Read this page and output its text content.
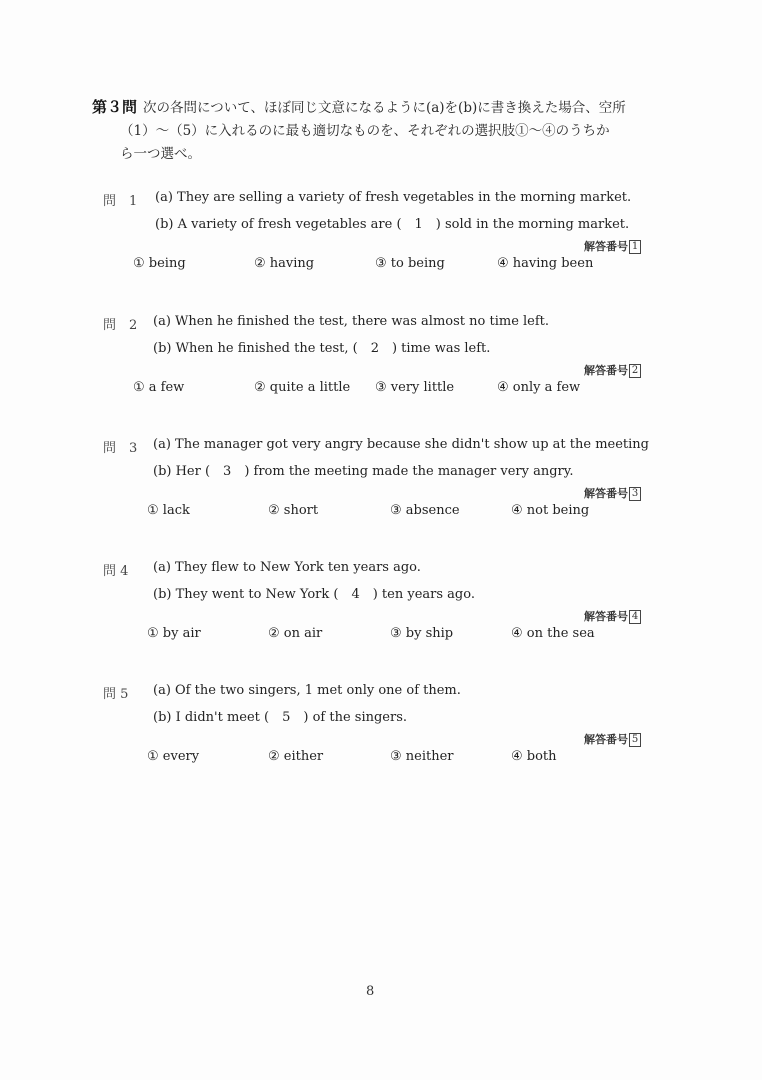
第３問 次の各問について、ほぼ同じ文意になるように(a)を(b)に書き換えた場合、空所
（1）～（5）に入れるのに最も適切なものを、それぞれの選択肢①～④のうちか
ら一つ選べ。
問　1 (a) They are selling a variety of fresh vegetables in the morning market.
(b) A variety of fresh vegetables are (　1　) sold in the morning market.
解答番号 1
① being	② having	③ to being	④ having been
問　2 (a) When he finished the test, there was almost no time left.
(b) When he finished the test, (　2　) time was left.
解答番号 2
① a few	② quite a little ③ very little	④ only a few
問　3 (a) The manager got very angry because she didn't show up at the meeting
(b) Her (　3　) from the meeting made the manager very angry.
解答番号 3
① lack	② short	③ absence	④ not being
問 4 (a) They flew to New York ten years ago.
(b) They went to New York (　4　) ten years ago.
解答番号 4
① by air	② on air	③ by ship	④ on the sea
問 5 (a) Of the two singers, 1 met only one of them.
(b) I didn't meet (　5　) of the singers.
解答番号 5
① every	② either	③ neither	④ both
8
